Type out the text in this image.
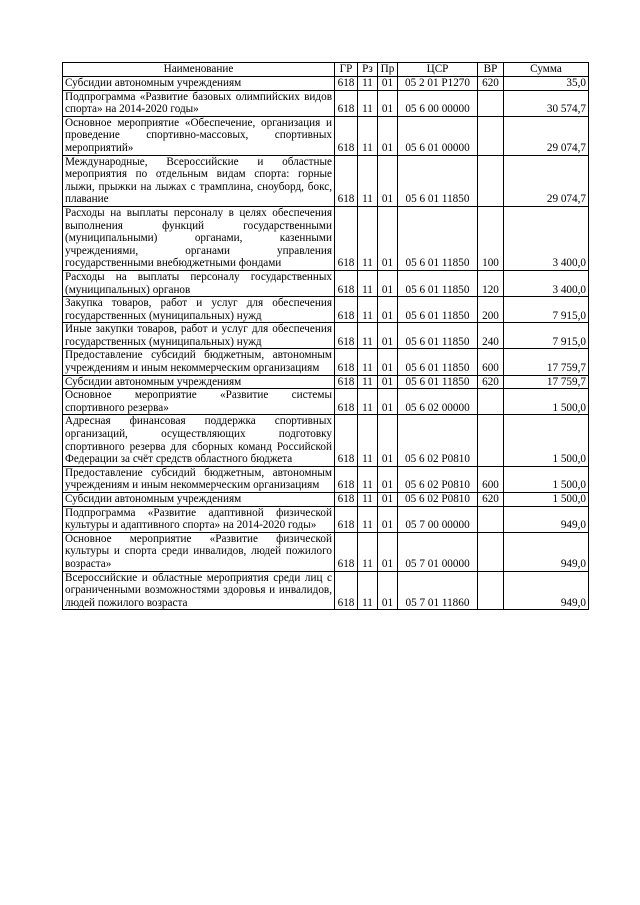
Наименование	ГР	Рз	Пр	ЦСР	ВР	Сумма
Субсидии автономным учреждениям	618	11	01	05 2 01 Р1270	620	35,0
Подпрограмма «Развитие базовых олимпийских видов спорта» на 2014-2020 годы»	618	11	01	05 6 00 00000		30 574,7
Основное мероприятие «Обеспечение, организация и проведение спортивно-массовых, спортивных мероприятий»	618	11	01	05 6 01 00000		29 074,7
Международные, Всероссийские и областные мероприятия по отдельным видам спорта: горные лыжи, прыжки на лыжах с трамплина, сноуборд, бокс, плавание	618	11	01	05 6 01 11850		29 074,7
Расходы на выплаты персоналу в целях обеспечения выполнения функций государственными (муниципальными) органами, казенными учреждениями, органами управления государственными внебюджетными фондами	618	11	01	05 6 01 11850	100	3 400,0
Расходы на выплаты персоналу государственных (муниципальных) органов	618	11	01	05 6 01 11850	120	3 400,0
Закупка товаров, работ и услуг для обеспечения государственных (муниципальных) нужд	618	11	01	05 6 01 11850	200	7 915,0
Иные закупки товаров, работ и услуг для обеспечения государственных (муниципальных) нужд	618	11	01	05 6 01 11850	240	7 915,0
Предоставление субсидий бюджетным, автономным учреждениям и иным некоммерческим организациям	618	11	01	05 6 01 11850	600	17 759,7
Субсидии автономным учреждениям	618	11	01	05 6 01 11850	620	17 759,7
Основное мероприятие «Развитие системы спортивного резерва»	618	11	01	05 6 02 00000		1 500,0
Адресная финансовая поддержка спортивных организаций, осуществляющих подготовку спортивного резерва для сборных команд Российской Федерации за счёт средств областного бюджета	618	11	01	05 6 02 Р0810		1 500,0
Предоставление субсидий бюджетным, автономным учреждениям и иным некоммерческим организациям	618	11	01	05 6 02 Р0810	600	1 500,0
Субсидии автономным учреждениям	618	11	01	05 6 02 Р0810	620	1 500,0
Подпрограмма «Развитие адаптивной физической культуры и адаптивного спорта» на 2014-2020 годы»	618	11	01	05 7 00 00000		949,0
Основное мероприятие «Развитие физической культуры и спорта среди инвалидов, людей пожилого возраста»	618	11	01	05 7 01 00000		949,0
Всероссийские и областные мероприятия среди лиц с ограниченными возможностями здоровья и инвалидов, людей пожилого возраста	618	11	01	05 7 01 11860		949,0
